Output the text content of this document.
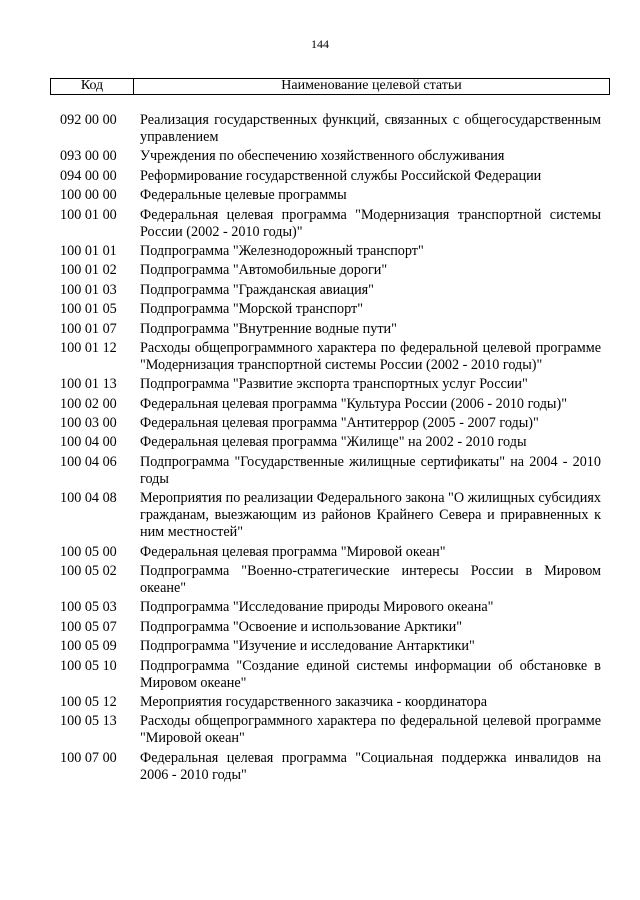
144
Код	Наименование целевой статьи
092 00 00	Реализация государственных функций, связанных с общегосударственным управлением
093 00 00	Учреждения по обеспечению хозяйственного обслуживания
094 00 00	Реформирование государственной службы Российской Федерации
100 00 00	Федеральные целевые программы
100 01 00	Федеральная целевая программа "Модернизация транспортной системы России (2002 - 2010 годы)"
100 01 01	Подпрограмма "Железнодорожный транспорт"
100 01 02	Подпрограмма "Автомобильные дороги"
100 01 03	Подпрограмма "Гражданская авиация"
100 01 05	Подпрограмма "Морской транспорт"
100 01 07	Подпрограмма "Внутренние водные пути"
100 01 12	Расходы общепрограммного характера по федеральной целевой программе "Модернизация транспортной системы России (2002 - 2010 годы)"
100 01 13	Подпрограмма "Развитие экспорта транспортных услуг России"
100 02 00	Федеральная целевая программа "Культура России (2006 - 2010 годы)"
100 03 00	Федеральная целевая программа "Антитеррор (2005 - 2007 годы)"
100 04 00	Федеральная целевая программа "Жилище" на 2002 - 2010 годы
100 04 06	Подпрограмма "Государственные жилищные сертификаты" на 2004 - 2010 годы
100 04 08	Мероприятия по реализации Федерального закона "О жилищных субсидиях гражданам, выезжающим из районов Крайнего Севера и приравненных к ним местностей"
100 05 00	Федеральная целевая программа "Мировой океан"
100 05 02	Подпрограмма "Военно-стратегические интересы России в Мировом океане"
100 05 03	Подпрограмма "Исследование природы Мирового океана"
100 05 07	Подпрограмма "Освоение и использование Арктики"
100 05 09	Подпрограмма "Изучение и исследование Антарктики"
100 05 10	Подпрограмма "Создание единой системы информации об обстановке в Мировом океане"
100 05 12	Мероприятия государственного заказчика - координатора
100 05 13	Расходы общепрограммного характера по федеральной целевой программе "Мировой океан"
100 07 00	Федеральная целевая программа "Социальная поддержка инвалидов на 2006 - 2010 годы"
